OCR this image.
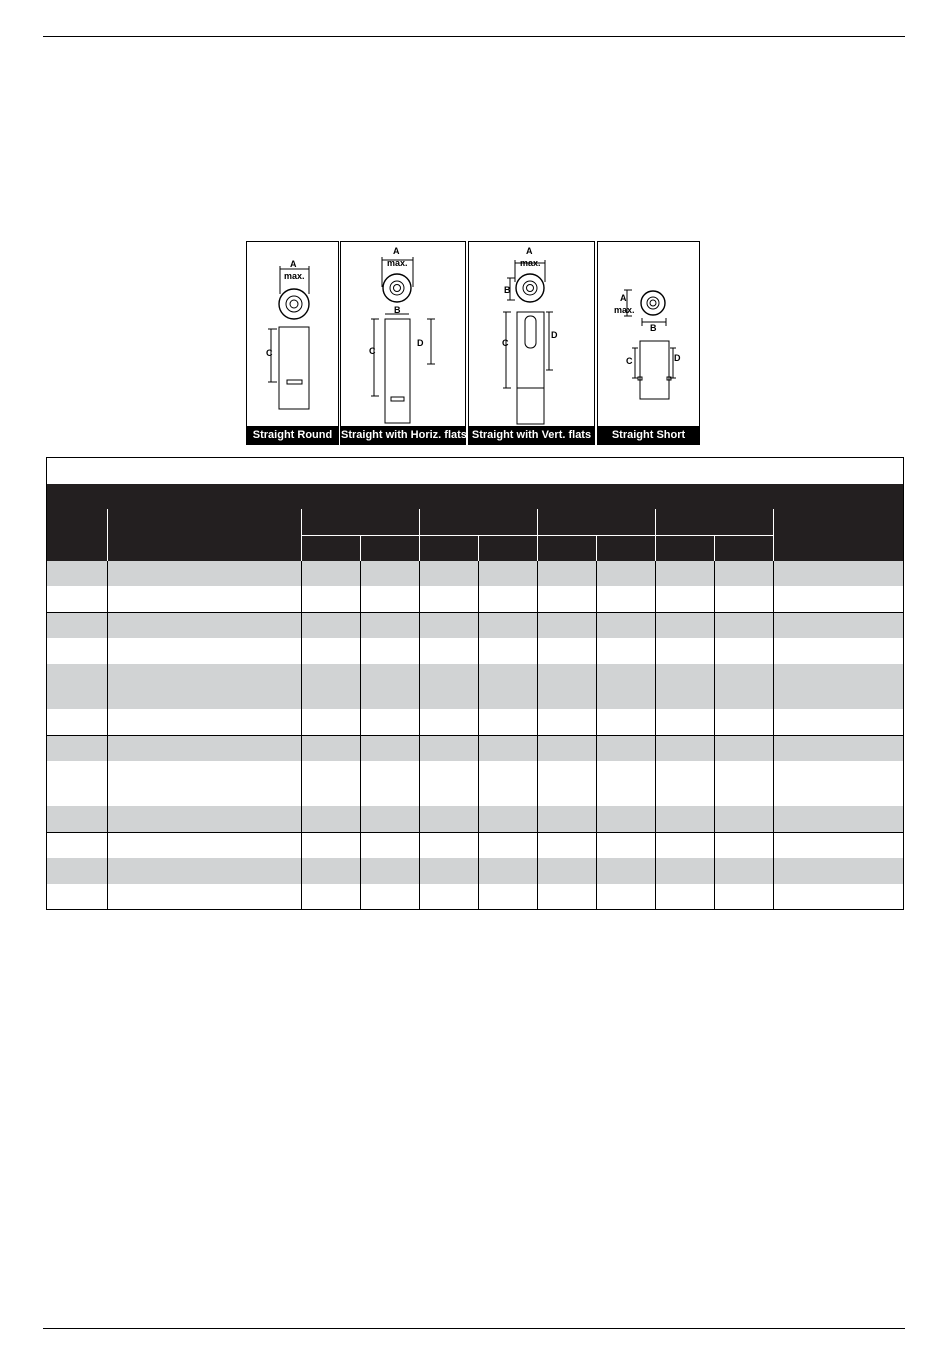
A
max.
C
Straight Round
A
max.
B
C
D
Straight with Horiz. flats
A
max.
B
C
D
Straight with Vert. flats
A
max.
B
C	D
Straight Short
